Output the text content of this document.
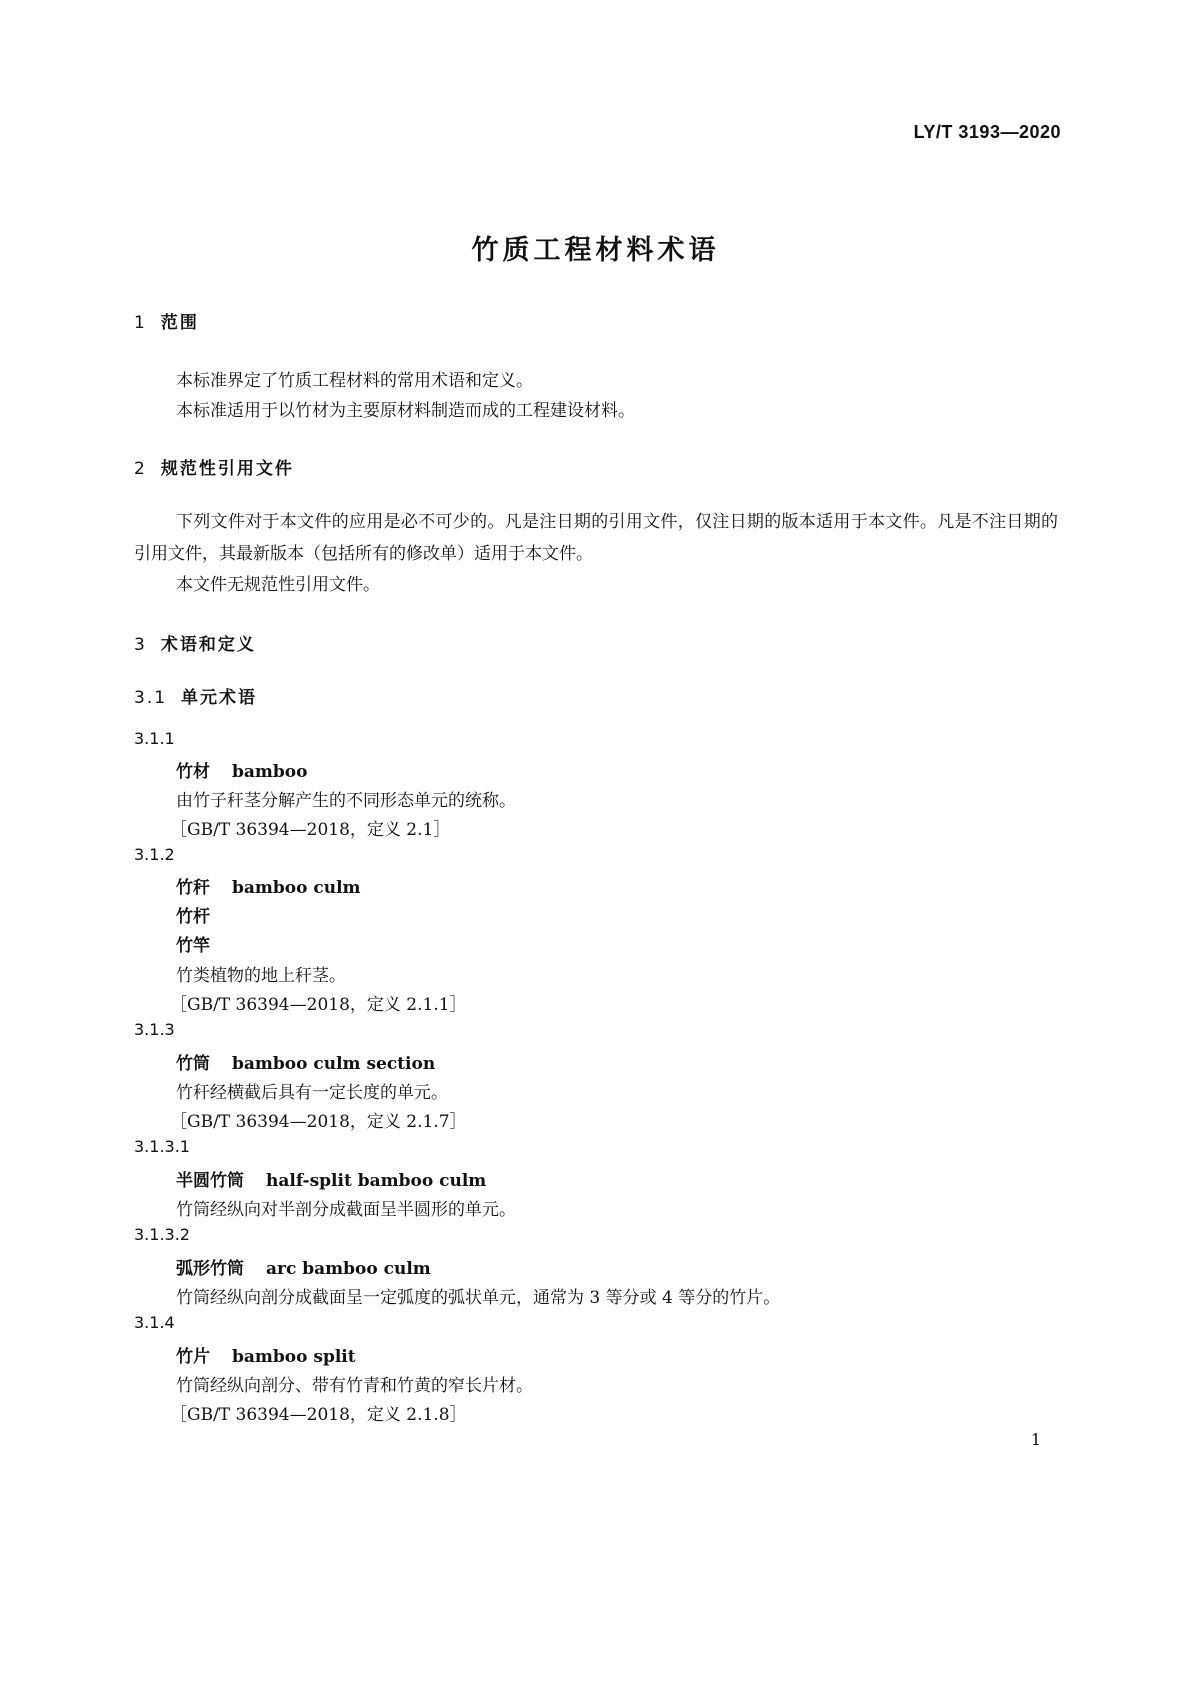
LY/T 3193—2020
竹质工程材料术语
1 范围
本标准界定了竹质工程材料的常用术语和定义。
本标准适用于以竹材为主要原材料制造而成的工程建设材料。
2 规范性引用文件
下列文件对于本文件的应用是必不可少的。凡是注日期的引用文件，仅注日期的版本适用于本文件。凡是不注日期的引用文件，其最新版本（包括所有的修改单）适用于本文件。
本文件无规范性引用文件。
3 术语和定义
3.1 单元术语
3.1.1
竹材 bamboo
由竹子秆茎分解产生的不同形态单元的统称。
［GB/T 36394—2018，定义 2.1］
3.1.2
竹秆 bamboo culm
竹杆
竹竿
竹类植物的地上秆茎。
［GB/T 36394—2018，定义 2.1.1］
3.1.3
竹筒 bamboo culm section
竹秆经横截后具有一定长度的单元。
［GB/T 36394—2018，定义 2.1.7］
3.1.3.1
半圆竹筒 half-split bamboo culm
竹筒经纵向对半剖分成截面呈半圆形的单元。
3.1.3.2
弧形竹筒 arc bamboo culm
竹筒经纵向剖分成截面呈一定弧度的弧状单元，通常为 3 等分或 4 等分的竹片。
3.1.4
竹片 bamboo split
竹筒经纵向剖分、带有竹青和竹黄的窄长片材。
［GB/T 36394—2018，定义 2.1.8］
1
